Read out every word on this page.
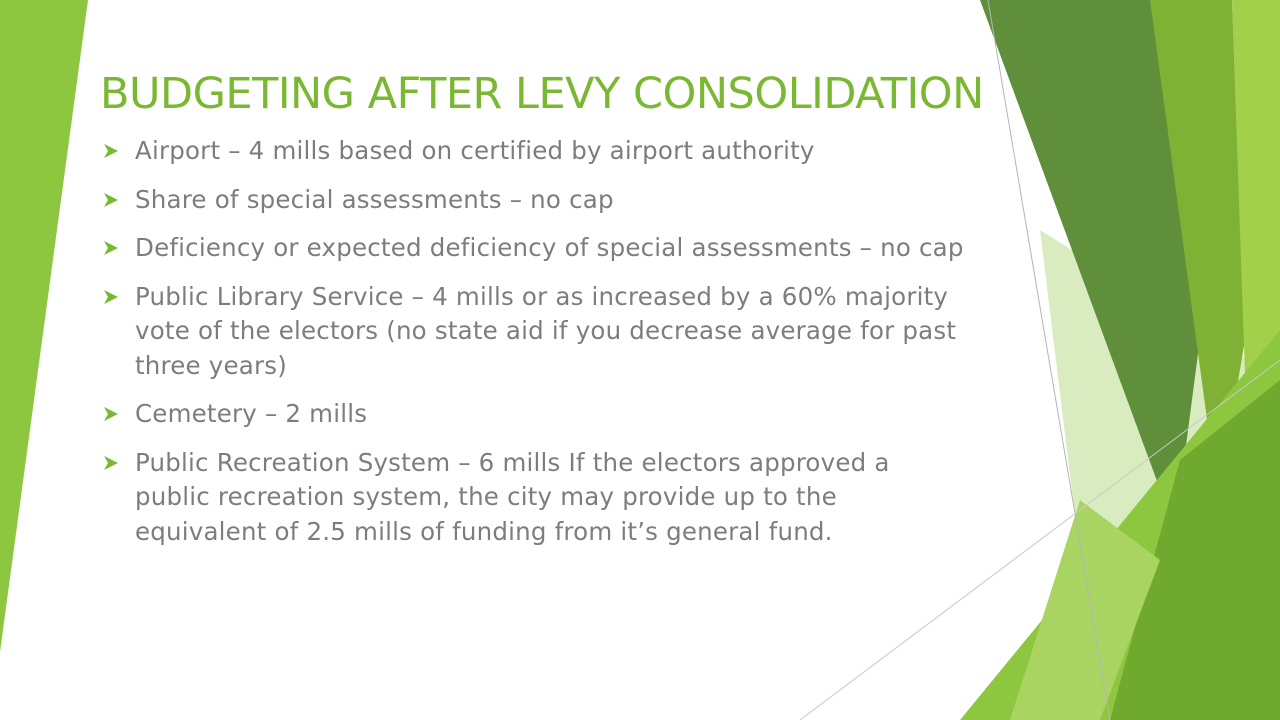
BUDGETING AFTER LEVY CONSOLIDATION
Airport – 4 mills based on certified by airport authority
Share of special assessments – no cap
Deficiency or expected deficiency of special assessments – no cap
Public Library Service – 4 mills or as increased by a 60% majority vote of the electors (no state aid if you decrease average for past three years)
Cemetery – 2 mills
Public Recreation System – 6 mills If the electors approved a public recreation system, the city may provide up to the equivalent of 2.5 mills of funding from it’s general fund.
